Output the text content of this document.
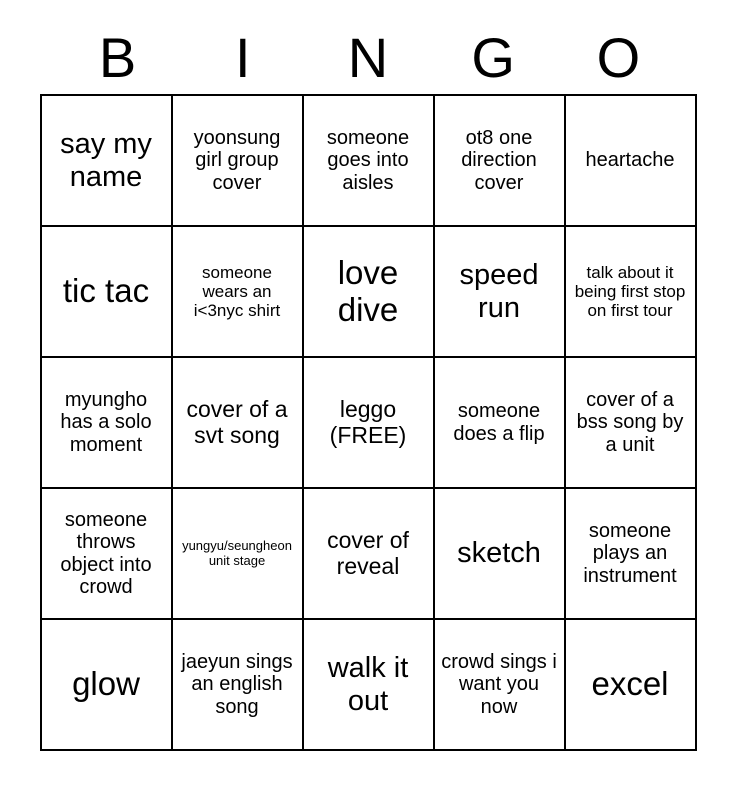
B	I	N	G	O
say my name	yoonsung girl group cover	someone goes into aisles	ot8 one direction cover	heartache
tic tac	someone wears an i<3nyc shirt	love dive	speed run	talk about it being first stop on first tour
myungho has a solo moment	cover of a svt song	leggo (FREE)	someone does a flip	cover of a bss song by a unit
someone throws object into crowd	yungyu/seungheon unit stage	cover of reveal	sketch	someone plays an instrument
glow	jaeyun sings an english song	walk it out	crowd sings i want you now	excel
